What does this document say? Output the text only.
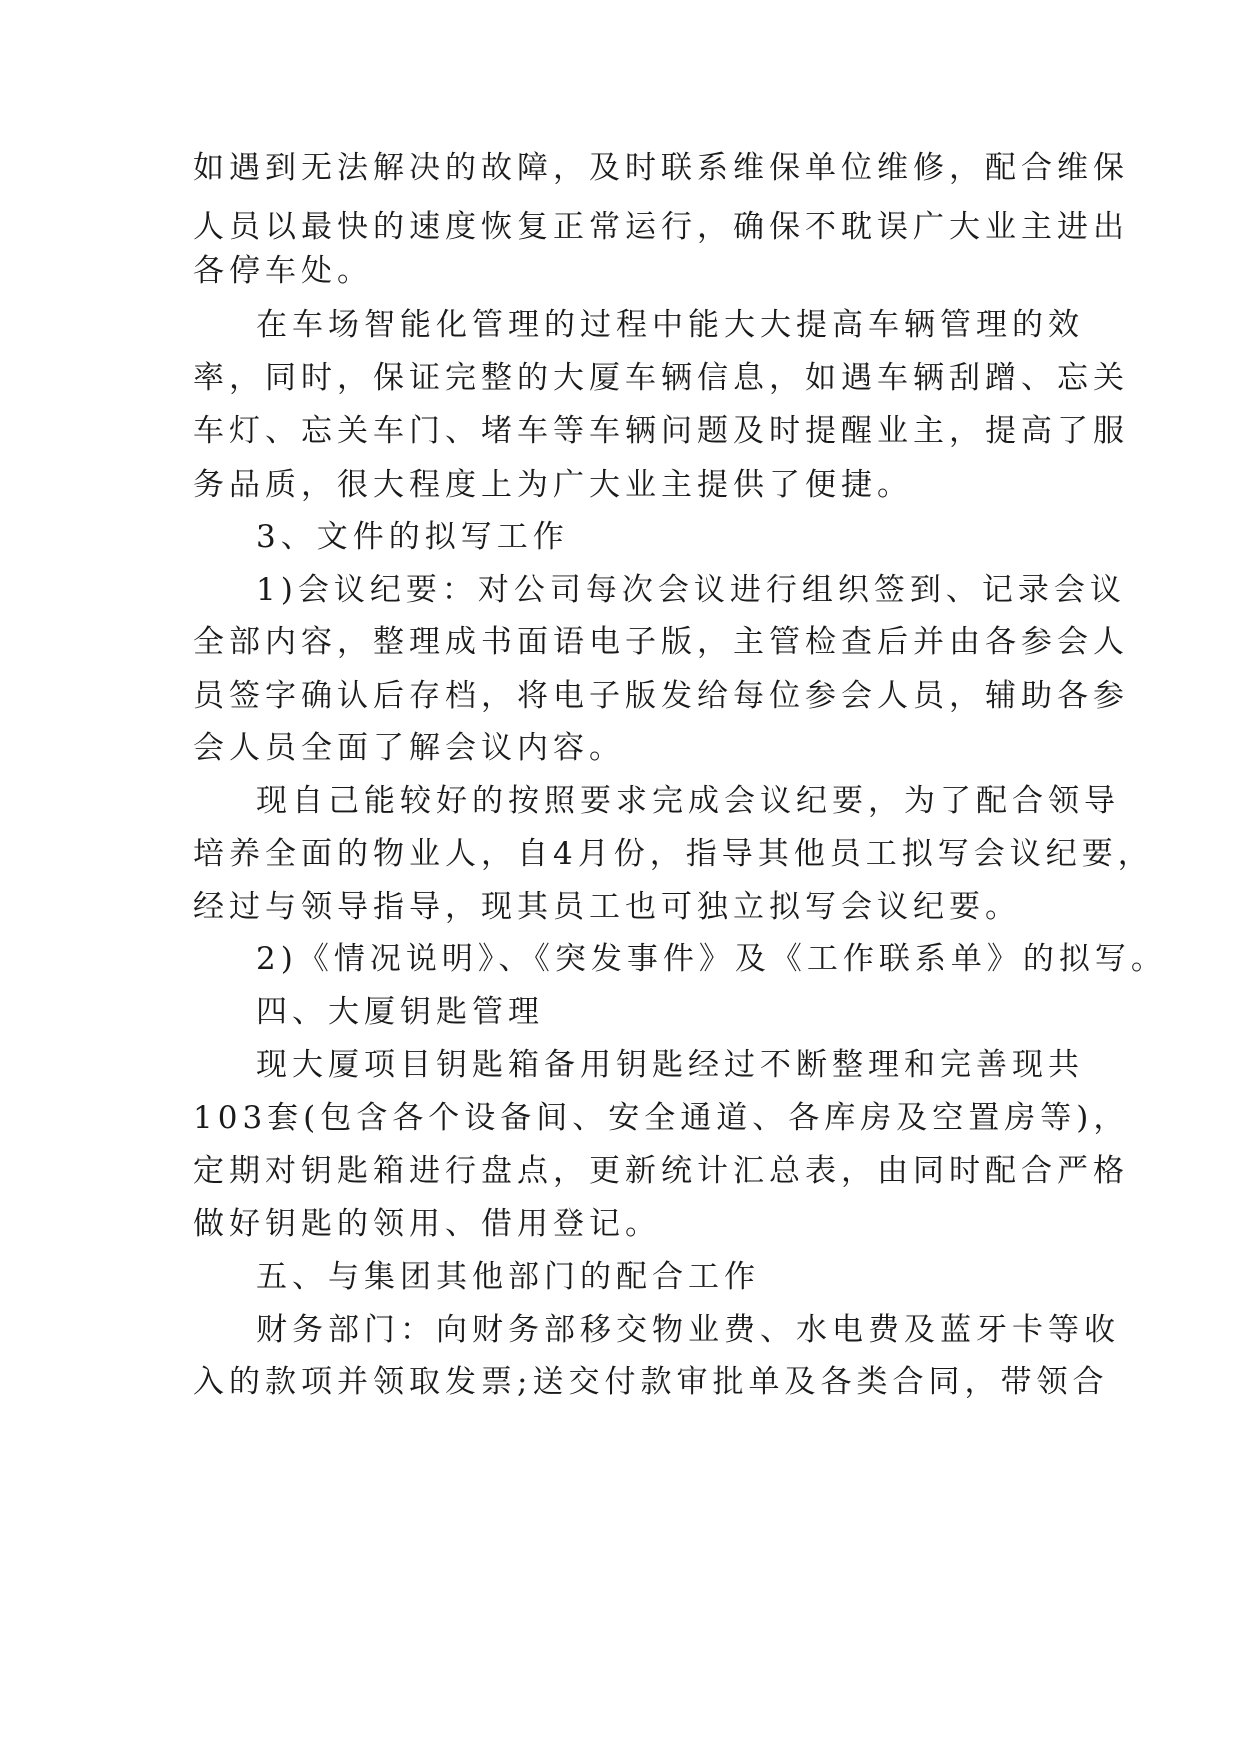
如遇到无法解决的故障，及时联系维保单位维修，配合维保
人员以最快的速度恢复正常运行，确保不耽误广大业主进出
各停车处。
在车场智能化管理的过程中能大大提高车辆管理的效
率，同时，保证完整的大厦车辆信息，如遇车辆刮蹭、忘关
车灯、忘关车门、堵车等车辆问题及时提醒业主，提高了服
务品质，很大程度上为广大业主提供了便捷。
3、文件的拟写工作
1)会议纪要：对公司每次会议进行组织签到、记录会议
全部内容，整理成书面语电子版，主管检查后并由各参会人
员签字确认后存档，将电子版发给每位参会人员，辅助各参
会人员全面了解会议内容。
现自己能较好的按照要求完成会议纪要，为了配合领导
培养全面的物业人，自4月份，指导其他员工拟写会议纪要，
经过与领导指导，现其员工也可独立拟写会议纪要。
2)《情况说明》、《突发事件》及《工作联系单》的拟写。
四、大厦钥匙管理
现大厦项目钥匙箱备用钥匙经过不断整理和完善现共
103套(包含各个设备间、安全通道、各库房及空置房等)，
定期对钥匙箱进行盘点，更新统计汇总表，由同时配合严格
做好钥匙的领用、借用登记。
五、与集团其他部门的配合工作
财务部门：向财务部移交物业费、水电费及蓝牙卡等收
入的款项并领取发票;送交付款审批单及各类合同，带领合
